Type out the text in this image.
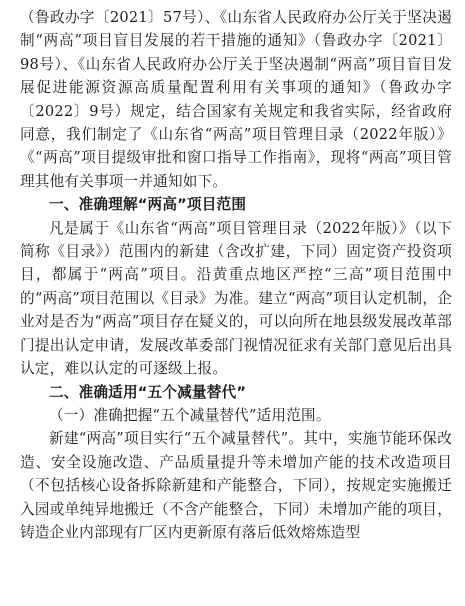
（鲁政办字〔2021〕57号）、《山东省人民政府办公厅关于坚决遏制“两高”项目盲目发展的若干措施的通知》（鲁政办字〔2021〕98号）、《山东省人民政府办公厅关于坚决遏制“两高”项目盲目发展促进能源资源高质量配置利用有关事项的通知》（鲁政办字〔2022〕9号）规定，结合国家有关规定和我省实际，经省政府同意，我们制定了《山东省“两高”项目管理目录（2022年版）》《“两高”项目提级审批和窗口指导工作指南》，现将“两高”项目管理其他有关事项一并通知如下。

一、准确理解“两高”项目范围

凡是属于《山东省“两高”项目管理目录（2022年版）》（以下简称《目录》）范围内的新建（含改扩建，下同）固定资产投资项目，都属于“两高”项目。沿黄重点地区严控“三高”项目范围中的“两高”项目范围以《目录》为准。建立“两高”项目认定机制，企业对是否为“两高”项目存在疑义的，可以向所在地县级发展改革部门提出认定申请，发展改革委部门视情况征求有关部门意见后出具认定，难以认定的可逐级上报。

二、准确适用“五个减量替代”

（一）准确把握“五个减量替代”适用范围。

新建“两高”项目实行“五个减量替代”。其中，实施节能环保改造、安全设施改造、产品质量提升等未增加产能的技术改造项目（不包括核心设备拆除新建和产能整合，下同），按规定实施搬迁入园或单纯异地搬迁（不含产能整合，下同）未增加产能的项目，铸造企业内部现有厂区内更新原有落后低效熔炼造型
